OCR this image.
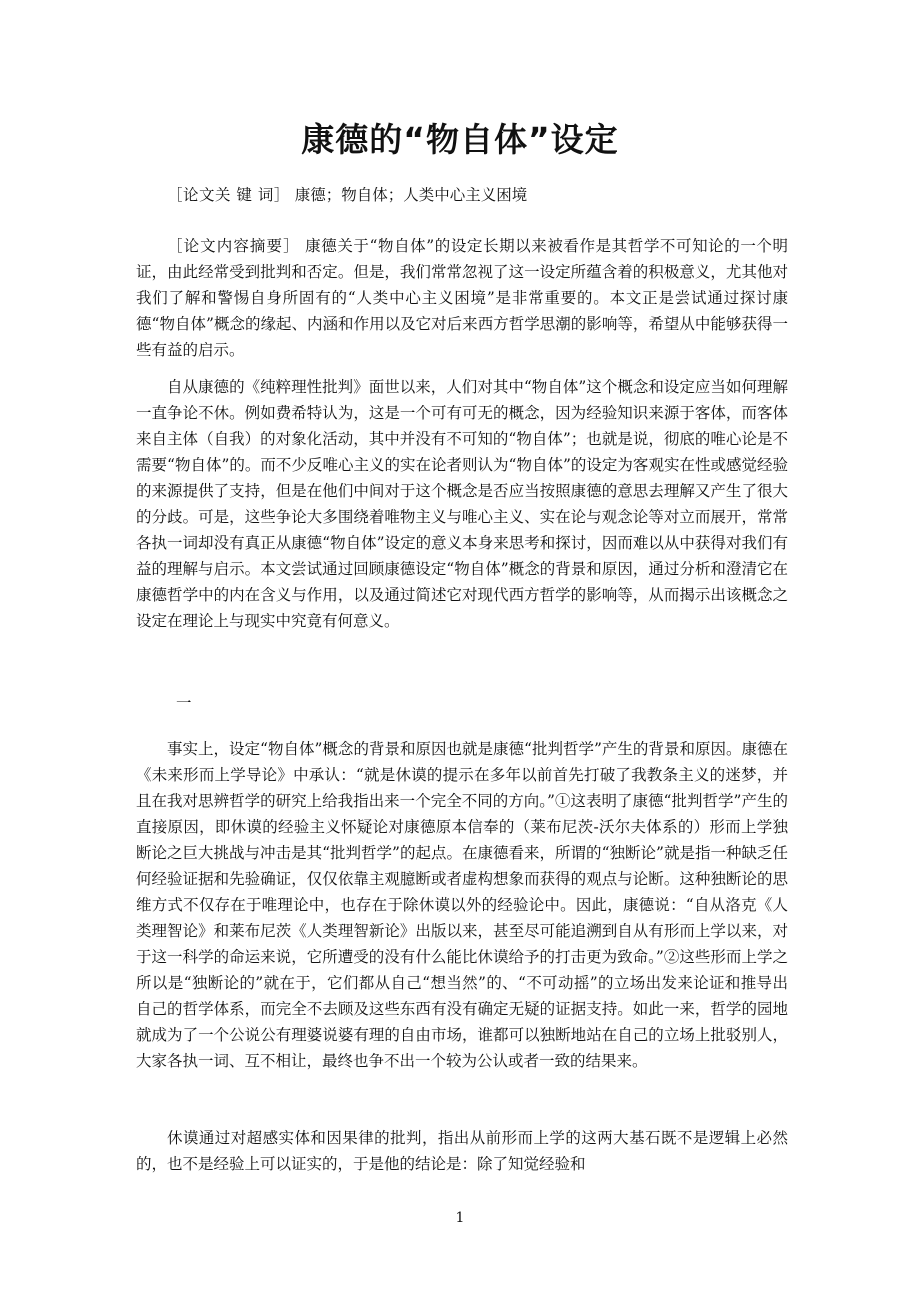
康德的“物自体”设定

［论文关 键 词］ 康德；物自体；人类中心主义困境

［论文内容摘要］ 康德关于“物自体”的设定长期以来被看作是其哲学不可知论的一个明证，由此经常受到批判和否定。但是，我们常常忽视了这一设定所蕴含着的积极意义，尤其他对我们了解和警惕自身所固有的“人类中心主义困境”是非常重要的。本文正是尝试通过探讨康德“物自体”概念的缘起、内涵和作用以及它对后来西方哲学思潮的影响等，希望从中能够获得一些有益的启示。

自从康德的《纯粹理性批判》面世以来，人们对其中“物自体”这个概念和设定应当如何理解一直争论不休。例如费希特认为，这是一个可有可无的概念，因为经验知识来源于客体，而客体来自主体（自我）的对象化活动，其中并没有不可知的“物自体”；也就是说，彻底的唯心论是不需要“物自体”的。而不少反唯心主义的实在论者则认为“物自体”的设定为客观实在性或感觉经验的来源提供了支持，但是在他们中间对于这个概念是否应当按照康德的意思去理解又产生了很大的分歧。可是，这些争论大多围绕着唯物主义与唯心主义、实在论与观念论等对立而展开，常常各执一词却没有真正从康德“物自体”设定的意义本身来思考和探讨，因而难以从中获得对我们有益的理解与启示。本文尝试通过回顾康德设定“物自体”概念的背景和原因，通过分析和澄清它在康德哲学中的内在含义与作用，以及通过简述它对现代西方哲学的影响等，从而揭示出该概念之设定在理论上与现实中究竟有何意义。

一

事实上，设定“物自体”概念的背景和原因也就是康德“批判哲学”产生的背景和原因。康德在《未来形而上学导论》中承认：“就是休谟的提示在多年以前首先打破了我教条主义的迷梦，并且在我对思辨哲学的研究上给我指出来一个完全不同的方向。”①这表明了康德“批判哲学”产生的直接原因，即休谟的经验主义怀疑论对康德原本信奉的（莱布尼茨-沃尔夫体系的）形而上学独断论之巨大挑战与冲击是其“批判哲学”的起点。在康德看来，所谓的“独断论”就是指一种缺乏任何经验证据和先验确证，仅仅依靠主观臆断或者虚构想象而获得的观点与论断。这种独断论的思维方式不仅存在于唯理论中，也存在于除休谟以外的经验论中。因此，康德说：“自从洛克《人类理智论》和莱布尼茨《人类理智新论》出版以来，甚至尽可能追溯到自从有形而上学以来，对于这一科学的命运来说，它所遭受的没有什么能比休谟给予的打击更为致命。”②这些形而上学之所以是“独断论的”就在于，它们都从自己“想当然”的、“不可动摇”的立场出发来论证和推导出自己的哲学体系，而完全不去顾及这些东西有没有确定无疑的证据支持。如此一来，哲学的园地就成为了一个公说公有理婆说婆有理的自由市场，谁都可以独断地站在自己的立场上批驳别人，大家各执一词、互不相让，最终也争不出一个较为公认或者一致的结果来。

休谟通过对超感实体和因果律的批判，指出从前形而上学的这两大基石既不是逻辑上必然的，也不是经验上可以证实的，于是他的结论是：除了知觉经验和

1
